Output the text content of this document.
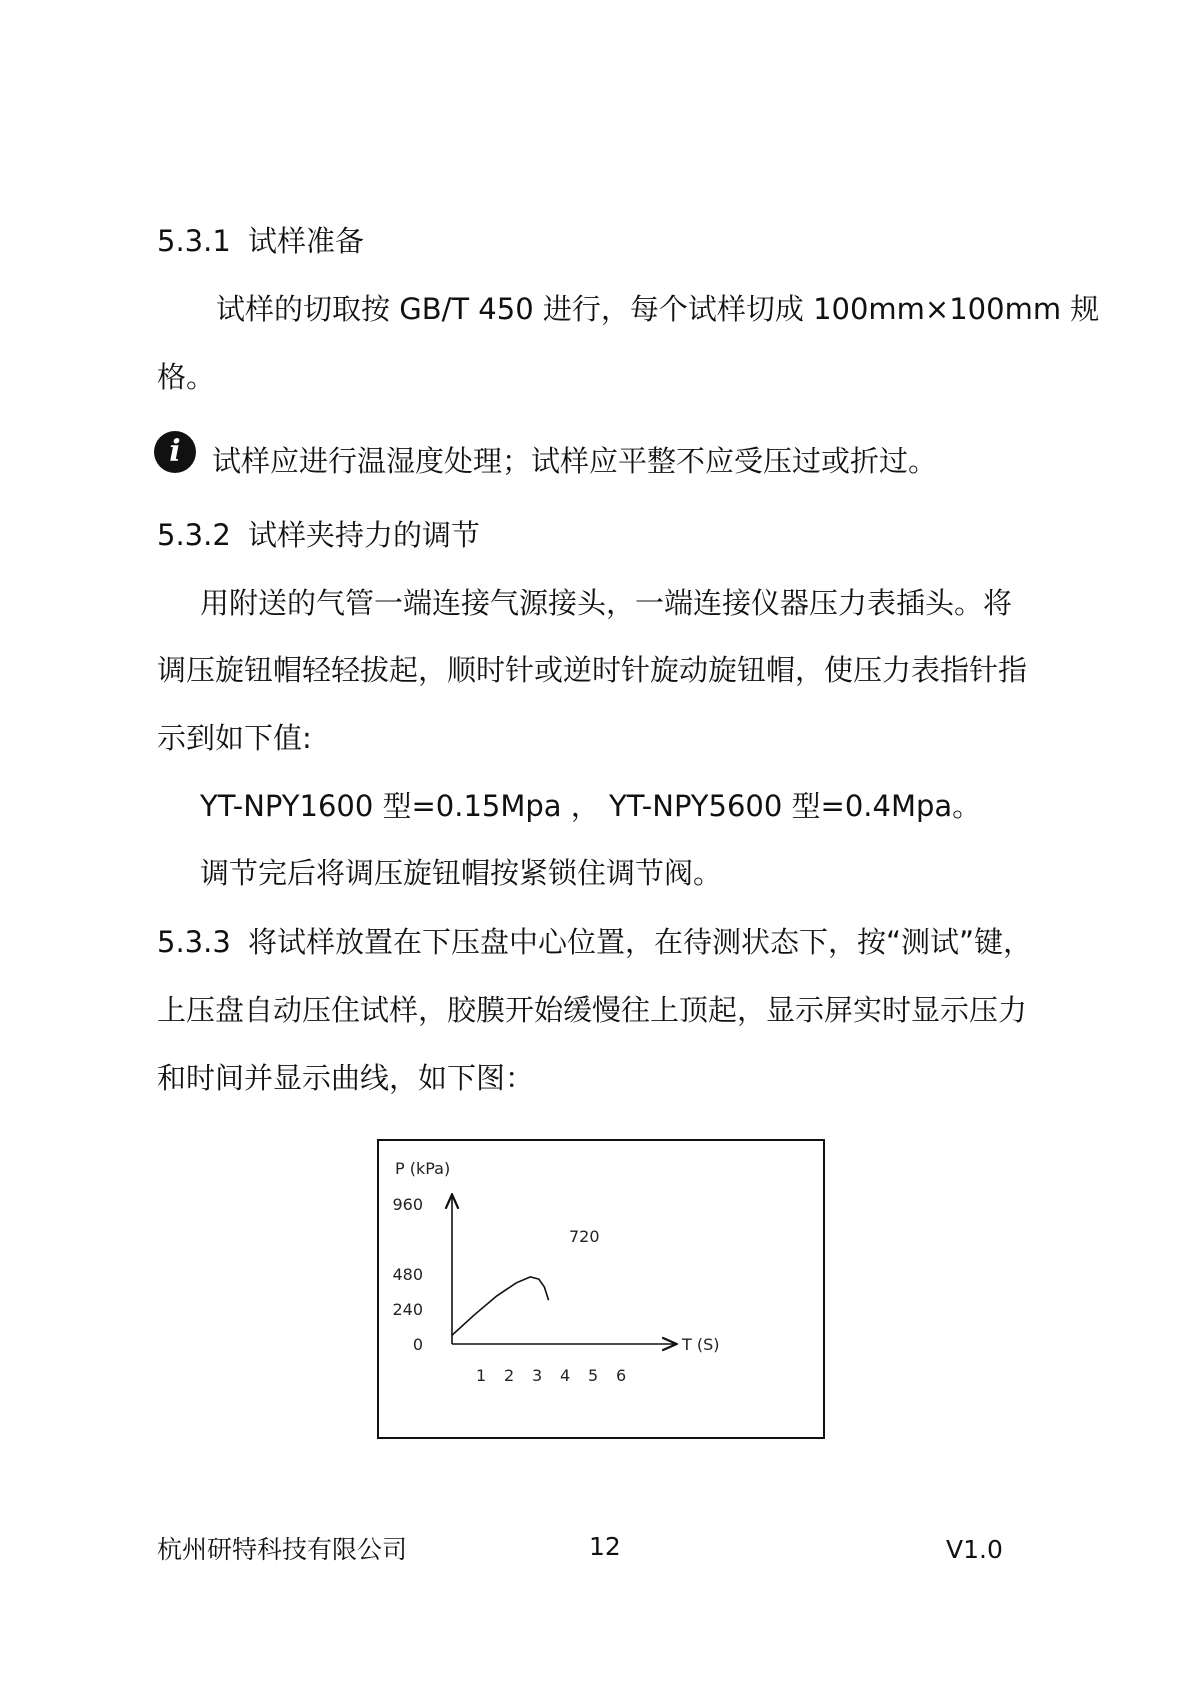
5.3.1 试样准备
试样的切取按 GB/T 450 进行，每个试样切成 100mm×100mm 规
格。
i	试样应进行温湿度处理；试样应平整不应受压过或折过。
5.3.2 试样夹持力的调节
用附送的气管一端连接气源接头，一端连接仪器压力表插头。将
调压旋钮帽轻轻拔起，顺时针或逆时针旋动旋钮帽，使压力表指针指
示到如下值:
YT-NPY1600 型=0.15Mpa ， YT-NPY5600 型=0.4Mpa。
调节完后将调压旋钮帽按紧锁住调节阀。
5.3.3 将试样放置在下压盘中心位置，在待测状态下，按“测试”键，
上压盘自动压住试样，胶膜开始缓慢往上顶起，显示屏实时显示压力
和时间并显示曲线，如下图：
P (kPa)
T (S)
960
480
240
0
1 2 3 4 5 6
720
杭州研特科技有限公司	12	V1.0
